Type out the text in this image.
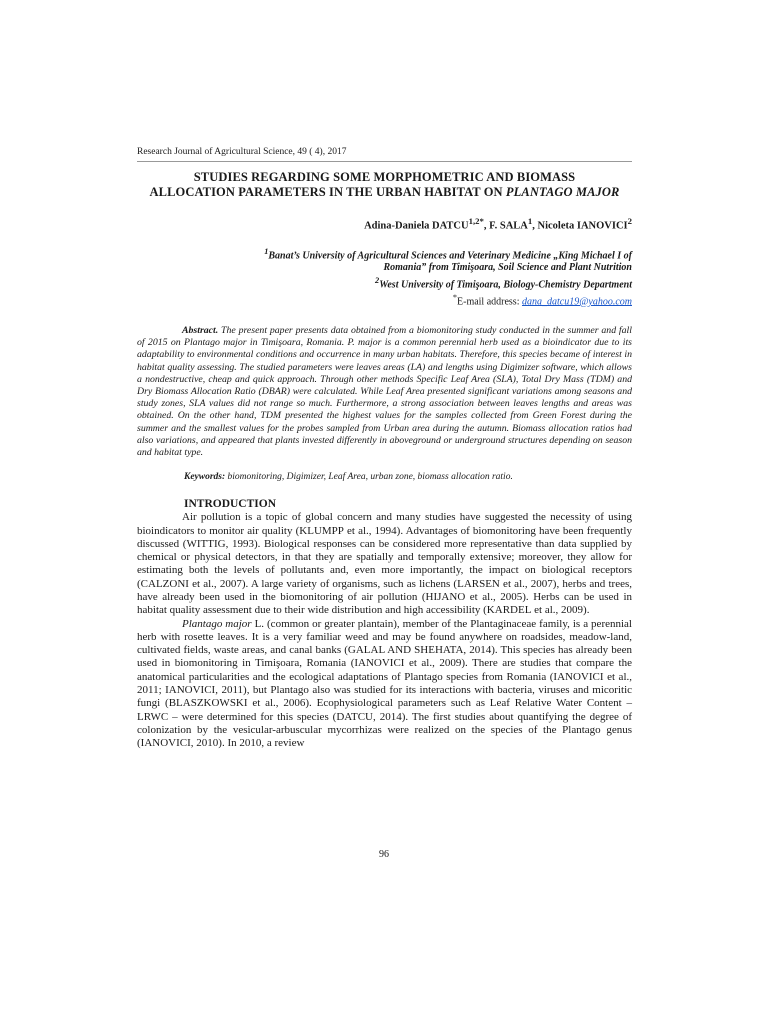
Research Journal of Agricultural Science, 49 ( 4), 2017
STUDIES REGARDING SOME MORPHOMETRIC AND BIOMASS
ALLOCATION PARAMETERS IN THE URBAN HABITAT ON PLANTAGO MAJOR
Adina-Daniela $DATCU^{1,2*}$, F. SALA$^1$, Nicoleta IANOVICI$^2$
$^1$Banat’s University of Agricultural Sciences and Veterinary Medicine „King Michael I of
Romania” from Timişoara, Soil Science and Plant Nutrition
$^2$West University of Timişoara, Biology-Chemistry Department
*E-mail address: dana_datcu19@yahoo.com

Abstract. The present paper presents data obtained from a biomonitoring study conducted in the summer and fall of 2015 on Plantago major in Timişoara, Romania. P. major is a common perennial herb used as a bioindicator due to its adaptability to environmental conditions and occurrence in many urban habitats. Therefore, this species became of interest in habitat quality assessing. The studied parameters were leaves areas (LA) and lengths using Digimizer software, which allows a nondestructive, cheap and quick approach. Through other methods Specific Leaf Area (SLA), Total Dry Mass (TDM) and Dry Biomass Allocation Ratio (DBAR) were calculated. While Leaf Area presented significant variations among seasons and study zones, SLA values did not range so much. Furthermore, a strong association between leaves lengths and areas was obtained. On the other hand, TDM presented the highest values for the samples collected from Green Forest during the summer and the smallest values for the probes sampled from Urban area during the autumn. Biomass allocation ratios had also variations, and appeared that plants invested differently in aboveground or underground structures depending on season and habitat type.

Keywords: biomonitoring, Digimizer, Leaf Area, urban zone, biomass allocation ratio.
INTRODUCTION

Air pollution is a topic of global concern and many studies have suggested the necessity of using bioindicators to monitor air quality (KLUMPP et al., 1994). Advantages of biomonitoring have been frequently discussed (WITTIG, 1993). Biological responses can be considered more representative than data supplied by chemical or physical detectors, in that they are spatially and temporally extensive; moreover, they allow for estimating both the levels of pollutants and, even more importantly, the impact on biological receptors (CALZONI et al., 2007). A large variety of organisms, such as lichens (LARSEN et al., 2007), herbs and trees, have already been used in the biomonitoring of air pollution (HIJANO et al., 2005). Herbs can be used in habitat quality assessment due to their wide distribution and high accessibility (KARDEL et al., 2009).

Plantago major L. (common or greater plantain), member of the Plantaginaceae family, is a perennial herb with rosette leaves. It is a very familiar weed and may be found anywhere on roadsides, meadow-land, cultivated fields, waste areas, and canal banks (GALAL AND SHEHATA, 2014). This species has already been used in biomonitoring in Timişoara, Romania (IANOVICI et al., 2009). There are studies that compare the anatomical particularities and the ecological adaptations of Plantago species from Romania (IANOVICI et al., 2011; IANOVICI, 2011), but Plantago also was studied for its interactions with bacteria, viruses and micoritic fungi (BLASZKOWSKI et al., 2006). Ecophysiological parameters such as Leaf Relative Water Content – LRWC – were determined for this species (DATCU, 2014). The first studies about quantifying the degree of colonization by the vesicular-arbuscular mycorrhizas were realized on the species of the Plantago genus (IANOVICI, 2010). In 2010, a review

96
